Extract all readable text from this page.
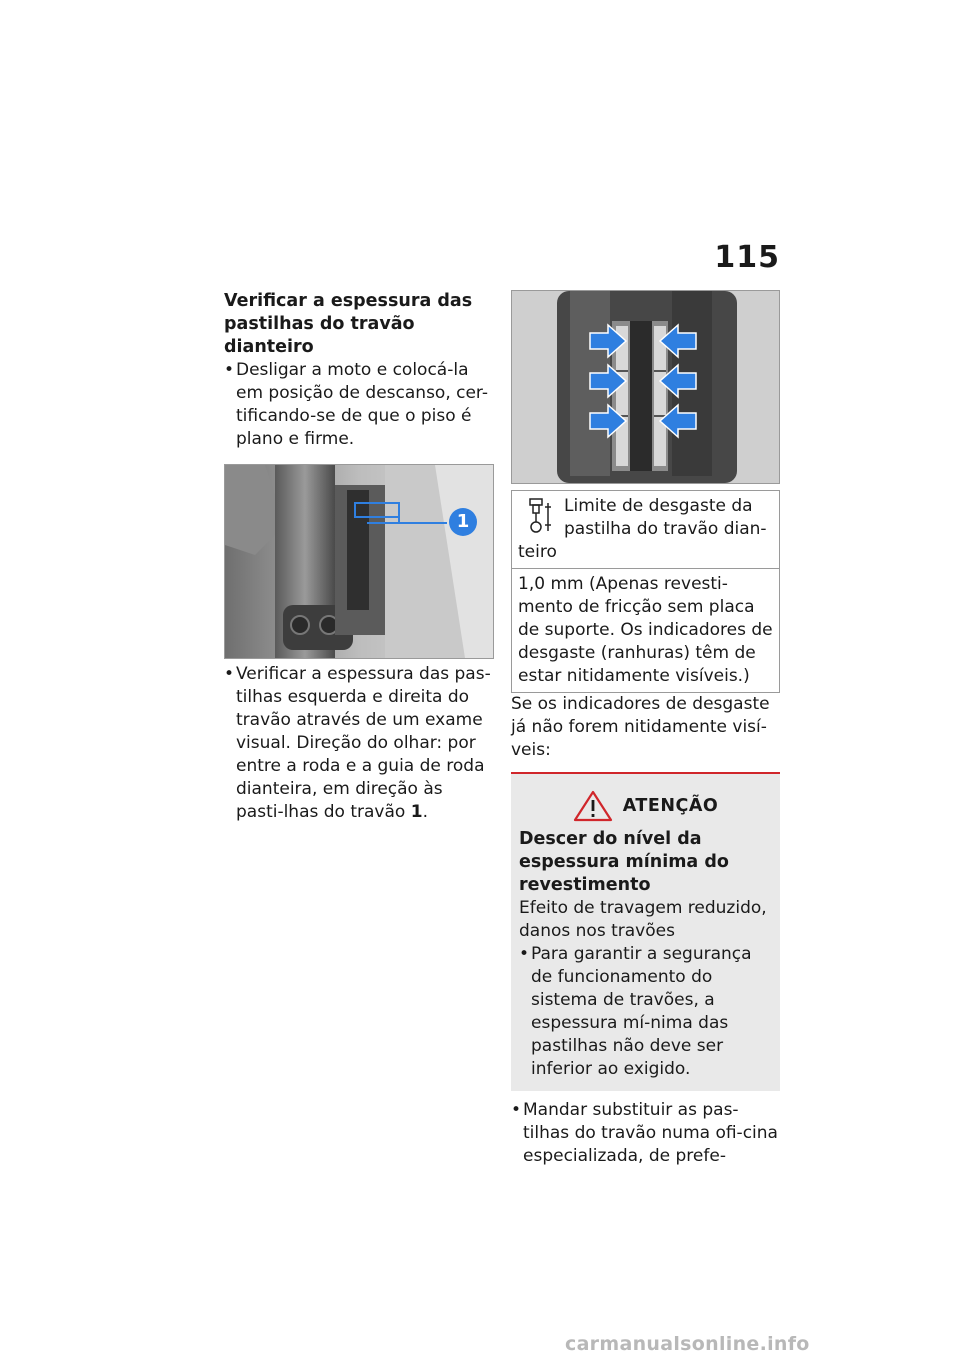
115

Verificar a espessura das pastilhas do travão dianteiro

• Desligar a moto e colocá-la em posição de descanso, cer-tificando-se de que o piso é plano e firme.
1
• Verificar a espessura das pas-tilhas esquerda e direita do travão através de um exame visual. Direção do olhar: por entre a roda e a guia de roda dianteira, em direção às pasti-lhas do travão 1.
Limite de desgaste da pastilha do travão dian-teiro
1,0 mm (Apenas revesti-mento de fricção sem placa de suporte. Os indicadores de desgaste (ranhuras) têm de estar nitidamente visíveis.)

Se os indicadores de desgaste já não forem nitidamente visí-veis:

ATENÇÃO

Descer do nível da espessura mínima do revestimento

Efeito de travagem reduzido, danos nos travões

• Para garantir a segurança de funcionamento do sistema de travões, a espessura mí-nima das pastilhas não deve ser inferior ao exigido.
• Mandar substituir as pas-tilhas do travão numa ofi-cina especializada, de prefe-
carmanualsonline.info
